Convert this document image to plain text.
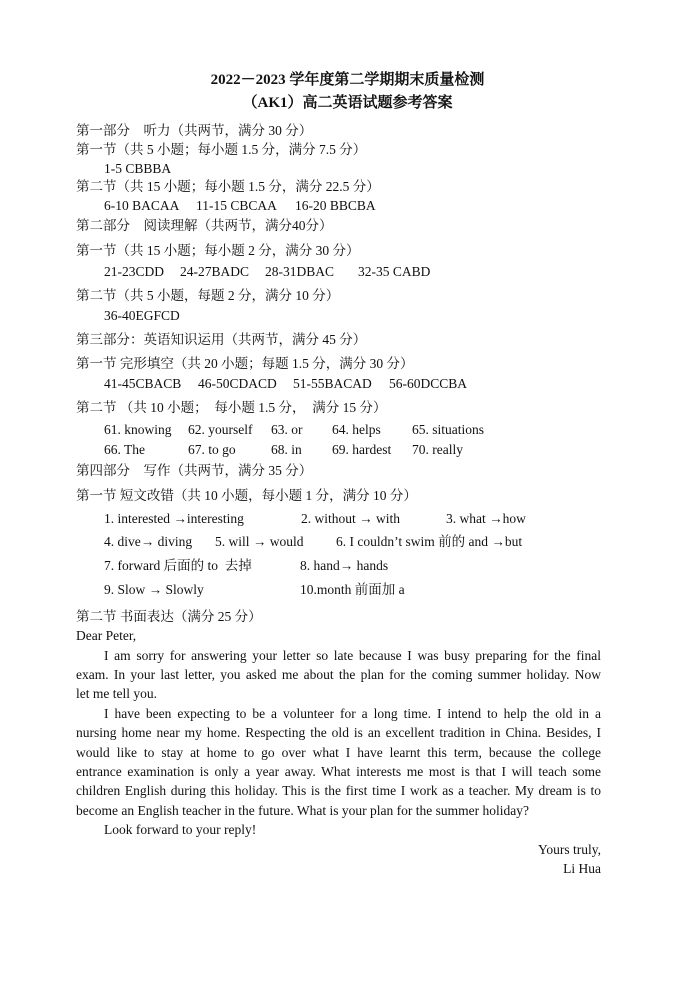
2022－2023 学年度第二学期期末质量检测
（AK1）高二英语试题参考答案
第一部分　听力（共两节，满分 30 分）
第一节（共 5 小题；每小题 1.5 分，满分 7.5 分）
1-5 CBBBA
第二节（共 15 小题；每小题 1.5 分，满分 22.5 分）
6-10 BACAA 11-15 CBCAA 16-20 BBCBA
第二部分　阅读理解（共两节，满分40分）
第一节（共 15 小题；每小题 2 分，满分 30 分）
21-23CDD 24-27BADC 28-31DBAC 32-35 CABD
第二节（共 5 小题，每题 2 分，满分 10 分）
36-40EGFCD
第三部分：英语知识运用（共两节，满分 45 分）
第一节 完形填空（共 20 小题；每题 1.5 分，满分 30 分）
41-45CBACB 46-50CDACD 51-55BACAD 56-60DCCBA
第二节 （共 10 小题；  每小题 1.5 分，  满分 15 分）
61. knowing 62. yourself 63. or 64. helps 65. situations
66. The	67. to go	68. in 69. hardest 70. really
第四部分　写作（共两节，满分 35 分）
第一节 短文改错（共 10 小题，每小题 1 分，满分 10 分）
1. interested →interesting	2. without → with	3. what →how
4. dive→ diving 5. will → would 6. I couldn’t swim 前的 and →but
7. forward 后面的 to  去掉	8. hand→ hands
9. Slow → Slowly	10.month 前面加 a
第二节 书面表达（满分 25 分）
Dear Peter,
I am sorry for answering your letter so late because I was busy preparing for the final
exam. In your last letter, you asked me about the plan for the coming summer holiday. Now
let me tell you.
I have been expecting to be a volunteer for a long time. I intend to help the old in a
nursing home near my home. Respecting the old is an excellent tradition in China. Besides, I
would like to stay at home to go over what I have learnt this term, because the college
entrance examination is only a year away. What interests me most is that I will teach some
children English during this holiday. This is the first time I work as a teacher. My dream is to
become an English teacher in the future. What is your plan for the summer holiday?
Look forward to your reply!
Yours truly,
Li Hua
